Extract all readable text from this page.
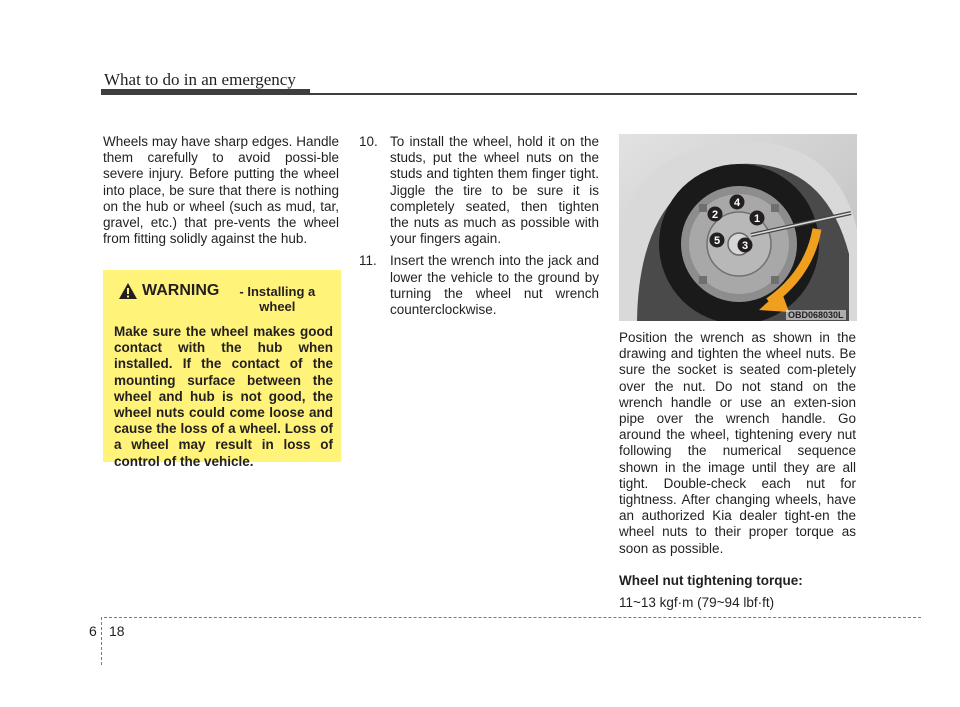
What to do in an emergency

Wheels may have sharp edges. Handle them carefully to avoid possi-ble severe injury. Before putting the wheel into place, be sure that there is nothing on the hub or wheel (such as mud, tar, gravel, etc.) that pre-vents the wheel from fitting solidly against the hub.

WARNING	- Installing a
wheel
Make sure the wheel makes good contact with the hub when installed. If the contact of the mounting surface between the wheel and hub is not good, the wheel nuts could come loose and cause the loss of a wheel. Loss of a wheel may result in loss of control of the vehicle.
10. To install the wheel, hold it on the studs, put the wheel nuts on the studs and tighten them finger tight. Jiggle the tire to be sure it is completely seated, then tighten the nuts as much as possible with your fingers again.
11. Insert the wrench into the jack and lower the vehicle to the ground by turning the wheel nut wrench counterclockwise.
4
2	1
5 3
OBD068030L

Position the wrench as shown in the drawing and tighten the wheel nuts. Be sure the socket is seated com-pletely over the nut. Do not stand on the wrench handle or use an exten-sion pipe over the wrench handle. Go around the wheel, tightening every nut following the numerical sequence shown in the image until they are all tight. Double-check each nut for tightness. After changing wheels, have an authorized Kia dealer tight-en the wheel nuts to their proper torque as soon as possible.

Wheel nut tightening torque:

11~13 kgf·m (79~94 lbf·ft)

6 18
